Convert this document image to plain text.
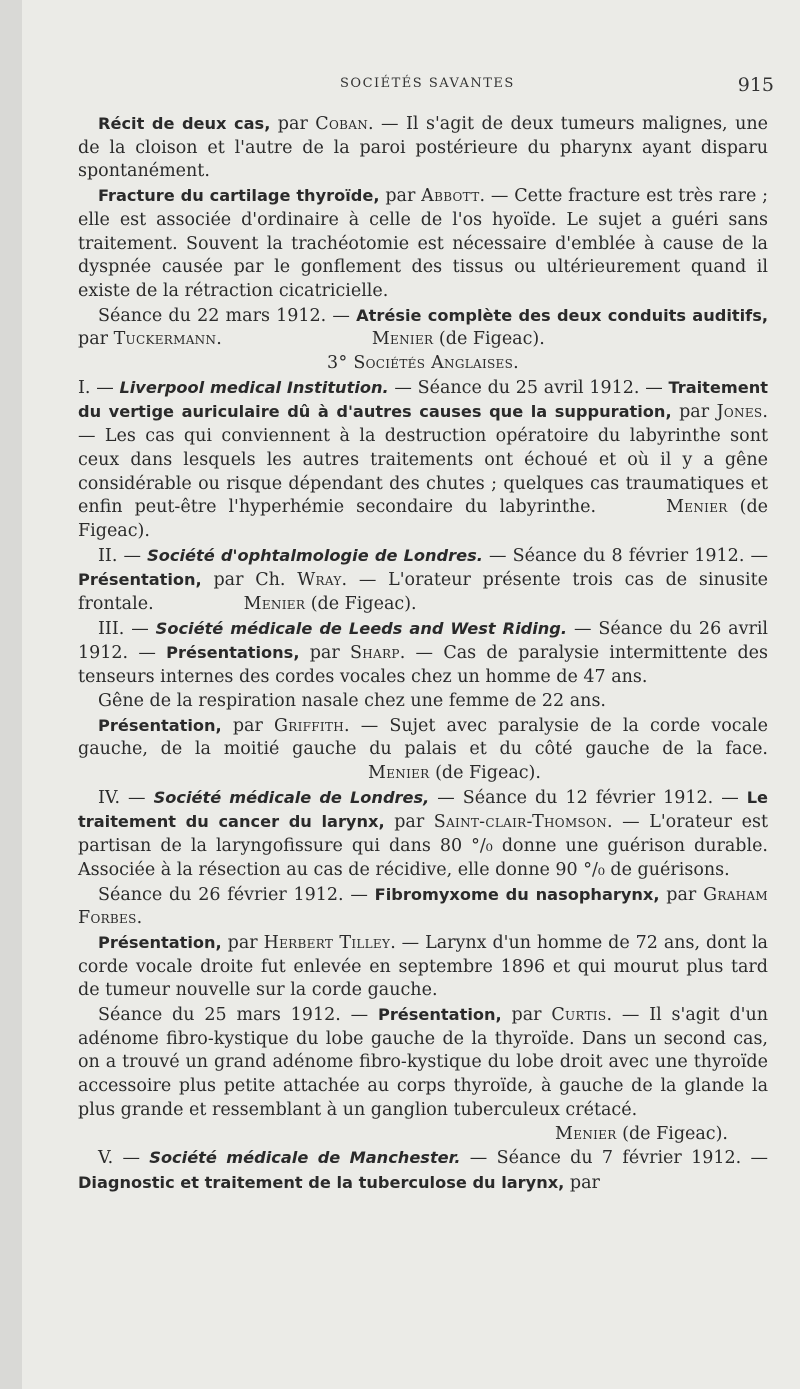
SOCIÉTÉS SAVANTES	915

Récit de deux cas, par Coban. — Il s'agit de deux tumeurs malignes, une de la cloison et l'autre de la paroi postérieure du pharynx ayant disparu spontanément.

Fracture du cartilage thyroïde, par Abbott. — Cette fracture est très rare ; elle est associée d'ordinaire à celle de l'os hyoïde. Le sujet a guéri sans traitement. Souvent la trachéotomie est nécessaire d'emblée à cause de la dyspnée causée par le gonflement des tissus ou ultérieurement quand il existe de la rétraction cicatricielle.

Séance du 22 mars 1912. — Atrésie complète des deux conduits auditifs, par Tuckermann.	Menier (de Figeac).

3° Sociétés Anglaises.

I. — Liverpool medical Institution. — Séance du 25 avril 1912. — Traitement du vertige auriculaire dû à d'autres causes que la suppuration, par Jones. — Les cas qui conviennent à la destruction opératoire du labyrinthe sont ceux dans lesquels les autres traitements ont échoué et où il y a gêne considérable ou risque dépendant des chutes ; quelques cas traumatiques et enfin peut-être l'hyperhémie secondaire du labyrinthe.	Menier (de Figeac).

II. — Société d'ophtalmologie de Londres. — Séance du 8 février 1912. — Présentation, par Ch. Wray. — L'orateur présente trois cas de sinusite frontale.	Menier (de Figeac).

III. — Société médicale de Leeds and West Riding. — Séance du 26 avril 1912. — Présentations, par Sharp. — Cas de paralysie intermittente des tenseurs internes des cordes vocales chez un homme de 47 ans.

Gêne de la respiration nasale chez une femme de 22 ans.

Présentation, par Griffith. — Sujet avec paralysie de la corde vocale gauche, de la moitié gauche du palais et du côté gauche de la face.Menier (de Figeac).

IV. — Société médicale de Londres, — Séance du 12 février 1912. — Le traitement du cancer du larynx, par Saint-clair-Thomson. — L'orateur est partisan de la laryngofissure qui dans 80 °/₀ donne une guérison durable. Associée à la résection au cas de récidive, elle donne 90 °/₀ de guérisons.

Séance du 26 février 1912. — Fibromyxome du nasopharynx, par Graham Forbes.

Présentation, par Herbert Tilley. — Larynx d'un homme de 72 ans, dont la corde vocale droite fut enlevée en septembre 1896 et qui mourut plus tard de tumeur nouvelle sur la corde gauche.

Séance du 25 mars 1912. — Présentation, par Curtis. — Il s'agit d'un adénome fibro-kystique du lobe gauche de la thyroïde. Dans un second cas, on a trouvé un grand adénome fibro-kystique du lobe droit avec une thyroïde accessoire plus petite attachée au corps thyroïde, à gauche de la glande la plus grande et ressemblant à un ganglion tuberculeux crétacé.

Menier (de Figeac).

V. — Société médicale de Manchester. — Séance du 7 février 1912. — Diagnostic et traitement de la tuberculose du larynx, par
